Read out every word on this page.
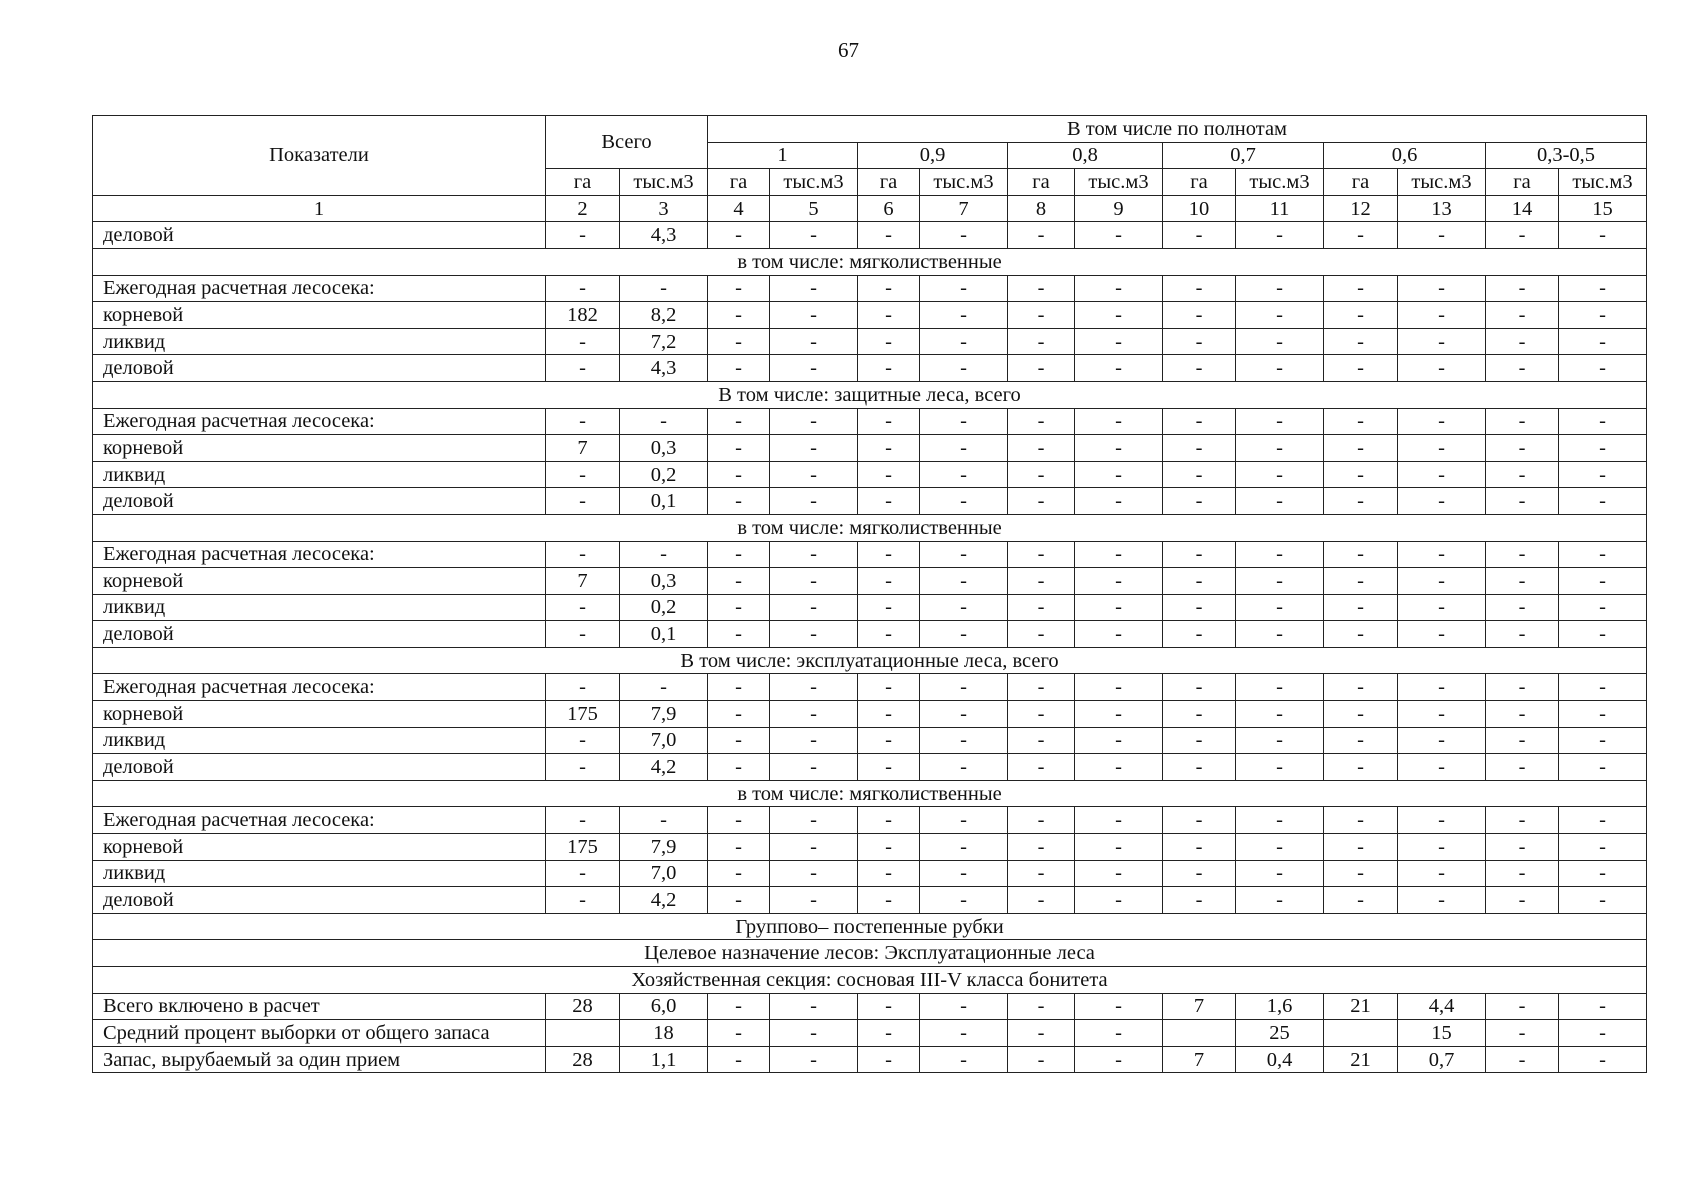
67
Показатели	Всего		В том числе по полнотам											
			1		0,9		0,8		0,7		0,6		0,3-0,5	
	га	тыс.м3	га	тыс.м3	га	тыс.м3	га	тыс.м3	га	тыс.м3	га	тыс.м3	га	тыс.м3
1	2	3	4	5	6	7	8	9	10	11	12	13	14	15
деловой	-	4,3	-	-	-	-	-	-	-	-	-	-	-	-
в том числе: мягколиственные														
Ежегодная расчетная лесосека:	-	-	-	-	-	-	-	-	-	-	-	-	-	-
корневой	182	8,2	-	-	-	-	-	-	-	-	-	-	-	-
ликвид	-	7,2	-	-	-	-	-	-	-	-	-	-	-	-
деловой	-	4,3	-	-	-	-	-	-	-	-	-	-	-	-
В том числе: защитные леса, всего														
Ежегодная расчетная лесосека:	-	-	-	-	-	-	-	-	-	-	-	-	-	-
корневой	7	0,3	-	-	-	-	-	-	-	-	-	-	-	-
ликвид	-	0,2	-	-	-	-	-	-	-	-	-	-	-	-
деловой	-	0,1	-	-	-	-	-	-	-	-	-	-	-	-
в том числе: мягколиственные														
Ежегодная расчетная лесосека:	-	-	-	-	-	-	-	-	-	-	-	-	-	-
корневой	7	0,3	-	-	-	-	-	-	-	-	-	-	-	-
ликвид	-	0,2	-	-	-	-	-	-	-	-	-	-	-	-
деловой	-	0,1	-	-	-	-	-	-	-	-	-	-	-	-
В том числе: эксплуатационные леса, всего														
Ежегодная расчетная лесосека:	-	-	-	-	-	-	-	-	-	-	-	-	-	-
корневой	175	7,9	-	-	-	-	-	-	-	-	-	-	-	-
ликвид	-	7,0	-	-	-	-	-	-	-	-	-	-	-	-
деловой	-	4,2	-	-	-	-	-	-	-	-	-	-	-	-
в том числе: мягколиственные														
Ежегодная расчетная лесосека:	-	-	-	-	-	-	-	-	-	-	-	-	-	-
корневой	175	7,9	-	-	-	-	-	-	-	-	-	-	-	-
ликвид	-	7,0	-	-	-	-	-	-	-	-	-	-	-	-
деловой	-	4,2	-	-	-	-	-	-	-	-	-	-	-	-
Группово– постепенные рубки														
Целевое назначение лесов: Эксплуатационные леса														
Хозяйственная секция: сосновая III-V класса бонитета														
Всего включено в расчет	28	6,0	-	-	-	-	-	-	7	1,6	21	4,4	-	-
Средний процент выборки от общего запаса		18	-	-	-	-	-	-		25		15	-	-
Запас, вырубаемый за один прием	28	1,1	-	-	-	-	-	-	7	0,4	21	0,7	-	-
